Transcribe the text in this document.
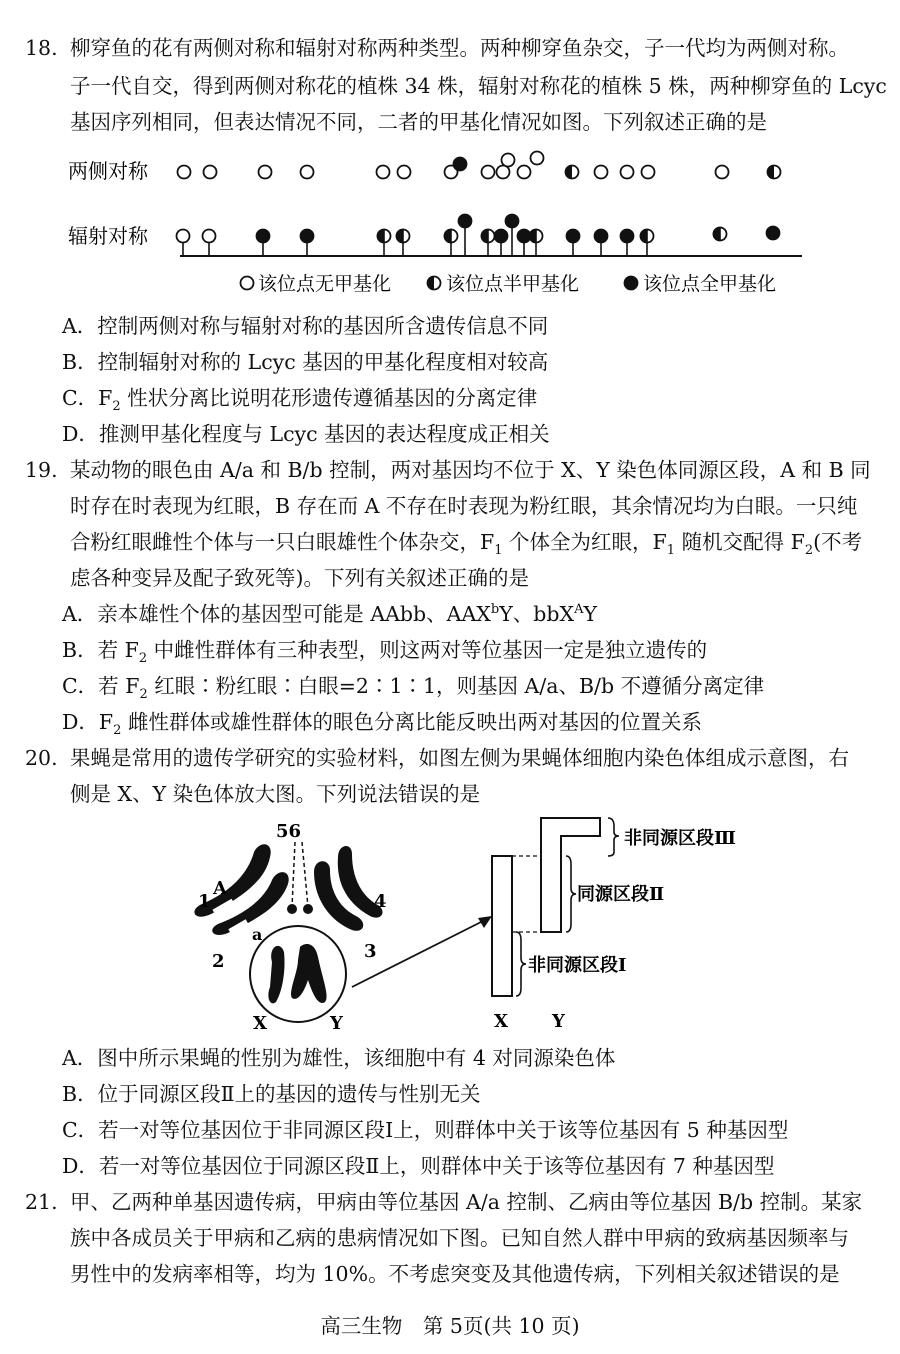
18. 柳穿鱼的花有两侧对称和辐射对称两种类型。两种柳穿鱼杂交，子一代均为两侧对称。
子一代自交，得到两侧对称花的植株 34 株，辐射对称花的植株 5 株，两种柳穿鱼的 Lcyc
基因序列相同，但表达情况不同，二者的甲基化情况如图。下列叙述正确的是
两侧对称
辐射对称
该位点无甲基化	该位点半甲基化	该位点全甲基化
A．控制两侧对称与辐射对称的基因所含遗传信息不同
B．控制辐射对称的 Lcyc 基因的甲基化程度相对较高
C．$F_2$ 性状分离比说明花形遗传遵循基因的分离定律
D．推测甲基化程度与 Lcyc 基因的表达程度成正相关
19. 某动物的眼色由 A/a 和 B/b 控制，两对基因均不位于 X、Y 染色体同源区段，A 和 B 同
时存在时表现为红眼，B 存在而 A 不存在时表现为粉红眼，其余情况均为白眼。一只纯
合粉红眼雌性个体与一只白眼雄性个体杂交，$F_1$ 个体全为红眼，$F_1$ 随机交配得 $F_2$(不考
虑各种变异及配子致死等)。下列有关叙述正确的是
A．亲本雄性个体的基因型可能是 AAbb、AAX$^b$Y、bbX$^A$Y
B．若 $F_2$ 中雌性群体有三种表型，则这两对等位基因一定是独立遗传的
C．若 $F_2$ 红眼∶粉红眼∶白眼=2∶1∶1，则基因 A/a、B/b 不遵循分离定律
D．$F_2$ 雌性群体或雄性群体的眼色分离比能反映出两对基因的位置关系
20. 果蝇是常用的遗传学研究的实验材料，如图左侧为果蝇体细胞内染色体组成示意图，右
侧是 X、Y 染色体放大图。下列说法错误的是
1
A
a
2
56
4
3
X	Y
非同源区段Ⅲ
同源区段Ⅱ
非同源区段Ⅰ
X Y
A．图中所示果蝇的性别为雄性，该细胞中有 4 对同源染色体
B．位于同源区段Ⅱ上的基因的遗传与性别无关
C．若一对等位基因位于非同源区段Ⅰ上，则群体中关于该等位基因有 5 种基因型
D．若一对等位基因位于同源区段Ⅱ上，则群体中关于该等位基因有 7 种基因型
21. 甲、乙两种单基因遗传病，甲病由等位基因 A/a 控制、乙病由等位基因 B/b 控制。某家
族中各成员关于甲病和乙病的患病情况如下图。已知自然人群中甲病的致病基因频率与
男性中的发病率相等，均为 10%。不考虑突变及其他遗传病，下列相关叙述错误的是
高三生物　第 5页(共 10 页)
